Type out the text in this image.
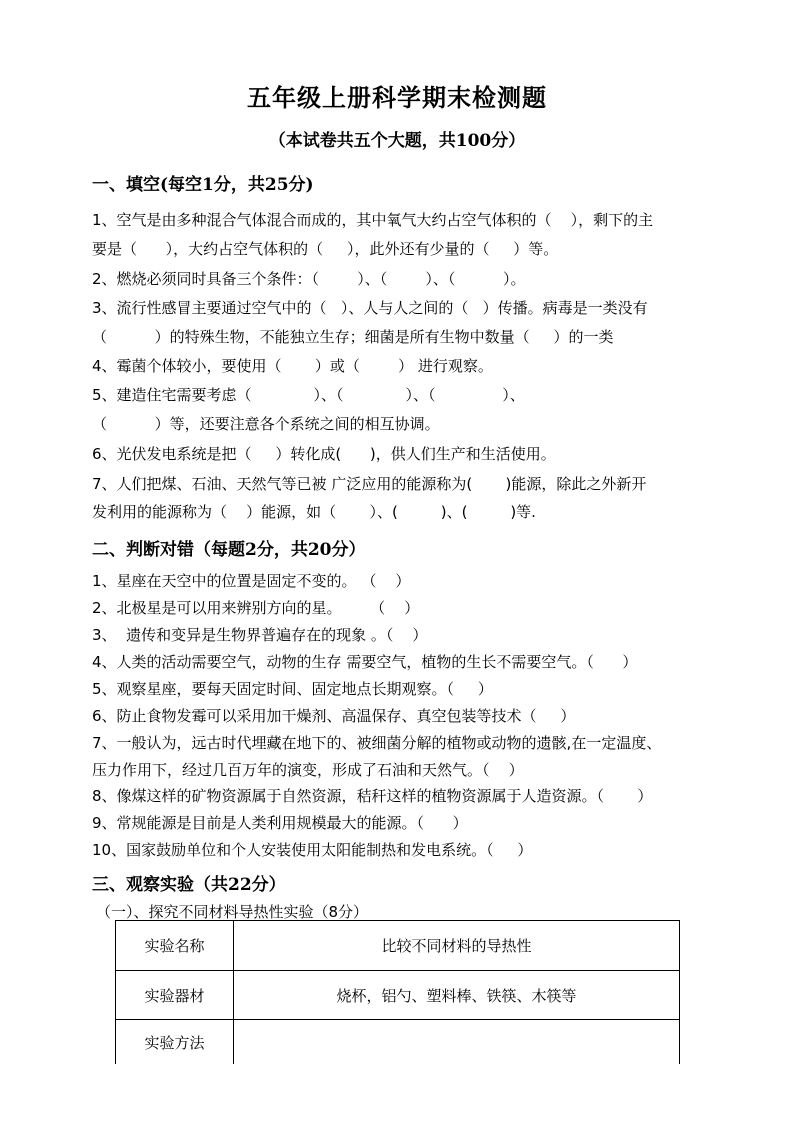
五年级上册科学期末检测题
（本试卷共五个大题，共100分）
一、填空(每空1分，共25分)
1、空气是由多种混合气体混合而成的，其中氧气大约占空气体积的（    ），剩下的主
要是（      ），大约占空气体积的（     ），此外还有少量的（     ）等。
2、燃烧必须同时具备三个条件：（        ）、（        ）、（          ）。
3、流行性感冒主要通过空气中的（   ）、人与人之间的（   ）传播。病毒是一类没有
（          ）的特殊生物，不能独立生存；细菌是所有生物中数量（     ）的一类
4、霉菌个体较小，要使用（       ）或（        ） 进行观察。
5、建造住宅需要考虑（             ）、（             ）、（              ）、
（          ）等，还要注意各个系统之间的相互协调。
6、光伏发电系统是把（     ）转化成(      )，供人们生产和生活使用。
7、人们把煤、石油、天然气等已被 广泛应用的能源称为(       )能源，除此之外新开
发利用的能源称为（    ）能源，如（       ）、(         )、(         )等.
二、判断对错（每题2分，共20分）
1、星座在天空中的位置是固定不变的。 （    ）
2、北极星是可以用来辨别方向的星。      （    ）
3、  遗传和变异是生物界普遍存在的现象 。（    ）
4、人类的活动需要空气，动物的生存 需要空气，植物的生长不需要空气。（      ）
5、观察星座，要每天固定时间、固定地点长期观察。（     ）
6、防止食物发霉可以采用加干燥剂、高温保存、真空包装等技术（     ）
7、一般认为，远古时代埋藏在地下的、被细菌分解的植物或动物的遗骸,在一定温度、
压力作用下，经过几百万年的演变，形成了石油和天然气。（    ）
8、像煤这样的矿物资源属于自然资源，秸秆这样的植物资源属于人造资源。（       ）
9、常规能源是目前是人类利用规模最大的能源。（      ）
10、国家鼓励单位和个人安装使用太阳能制热和发电系统。（     ）
三、观察实验（共22分）
（一）、探究不同材料导热性实验（8分）
实验名称	比较不同材料的导热性
实验器材	烧杯，铝勺、塑料棒、铁筷、木筷等
实验方法	
